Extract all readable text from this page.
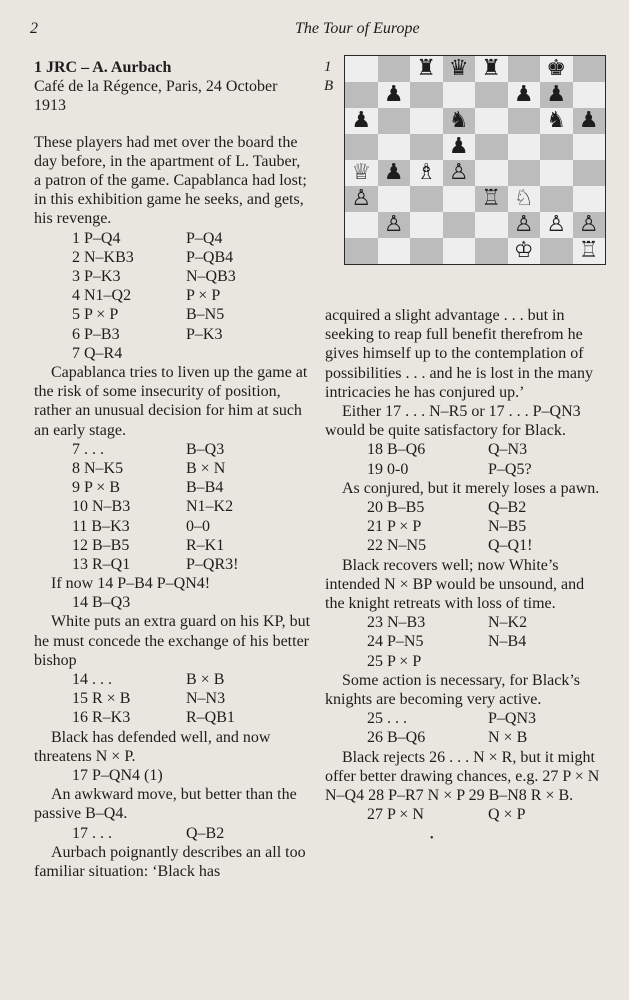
2	The Tour of Europe

1 JRC – A. Aurbach

Café de la Régence, Paris, 24 October 1913

These players had met over the board the day before, in the apartment of L. Tauber, a patron of the game. Capablanca had lost; in this exhibition game he seeks, and gets, his revenge.

1 P–Q4	P–Q4
2 N–KB3	P–QB4
3 P–K3	N–QB3
4 N1–Q2	P × P
5 P × P	B–N5
6 P–B3	P–K3
7 Q–R4

Capablanca tries to liven up the game at the risk of some insecurity of position, rather an unusual decision for him at such an early stage.

7 . . .	B–Q3
8 N–K5	B × N
9 P × B	B–B4
10 N–B3	N1–K2
11 B–K3	0–0
12 B–B5	R–K1
13 R–Q1	P–QR3!

If now 14 P–B4 P–QN4!

14 B–Q3

White puts an extra guard on his KP, but he must concede the exchange of his better bishop

14 . . .	B × B
15 R × B	N–N3
16 R–K3	R–QB1

Black has defended well, and now threatens N × P.

17 P–QN4 (1)

An awkward move, but better than the passive B–Q4.

17 . . .	Q–B2

Aurbach poignantly describes an all too familiar situation: ‘Black has

1
B
♜ ♛ ♜ ♚
♟	♟ ♟
♟	♞	♞ ♟
♟
♕ ♟ ♗ ♙
♙	♖ ♘
♙	♙ ♙ ♙
♔ ♖

acquired a slight advantage . . . but in seeking to reap full benefit therefrom he gives himself up to the contemplation of possibilities . . . and he is lost in the many intricacies he has conjured up.’

Either 17 . . . N–R5 or 17 . . . P–QN3 would be quite satisfactory for Black.

18 B–Q6	Q–N3
19 0-0	P–Q5?

As conjured, but it merely loses a pawn.

20 B–B5	Q–B2
21 P × P	N–B5
22 N–N5	Q–Q1!

Black recovers well; now White’s intended N × BP would be unsound, and the knight retreats with loss of time.

23 N–B3	N–K2
24 P–N5	N–B4
25 P × P

Some action is necessary, for Black’s knights are becoming very active.

25 . . .	P–QN3
26 B–Q6	N × B

Black rejects 26 . . . N × R, but it might offer better drawing chances, e.g. 27 P × N N–Q4 28 P–R7 N × P 29 B–N8 R × B.

27 P × N	Q × P
•
